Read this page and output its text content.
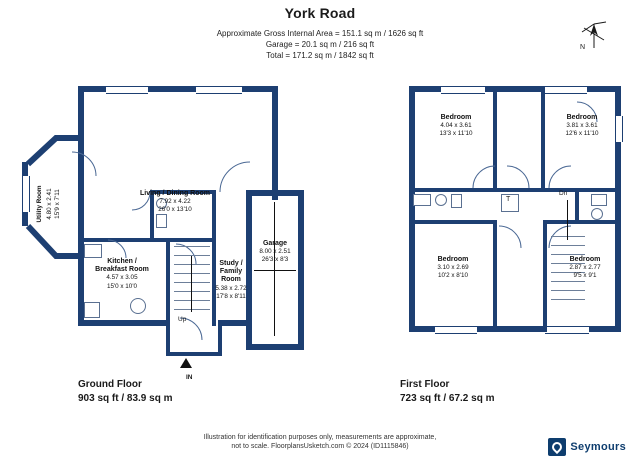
York Road
Approximate Gross Internal Area = 151.1 sq m / 1626 sq ft
Garage = 20.1 sq m / 216 sq ft
Total = 171.2 sq m / 1842 sq ft
N
Up
Living / Dining Room
7.92 x 4.22
26'0 x 13'10
Kitchen /
Breakfast Room
4.57 x 3.05
15'0 x 10'0
Study /
Family Room
5.38 x 2.72
17'8 x 8'11
Garage
8.00 x 2.51
26'3 x 8'3
Utility Room 4.80 x 2.41 15'9 x 7'11
IN
T
Dn
Bedroom
4.04 x 3.61
13'3 x 11'10
Bedroom
3.81 x 3.61
12'6 x 11'10
Bedroom
3.10 x 2.69
10'2 x 8'10
Bedroom
2.87 x 2.77
9'5 x 9'1
Ground Floor
903 sq ft / 83.9 sq m
First Floor
723 sq ft / 67.2 sq m
Illustration for identification purposes only, measurements are approximate,
not to scale. FloorplansUsketch.com © 2024 (ID1115846)	Seymours
